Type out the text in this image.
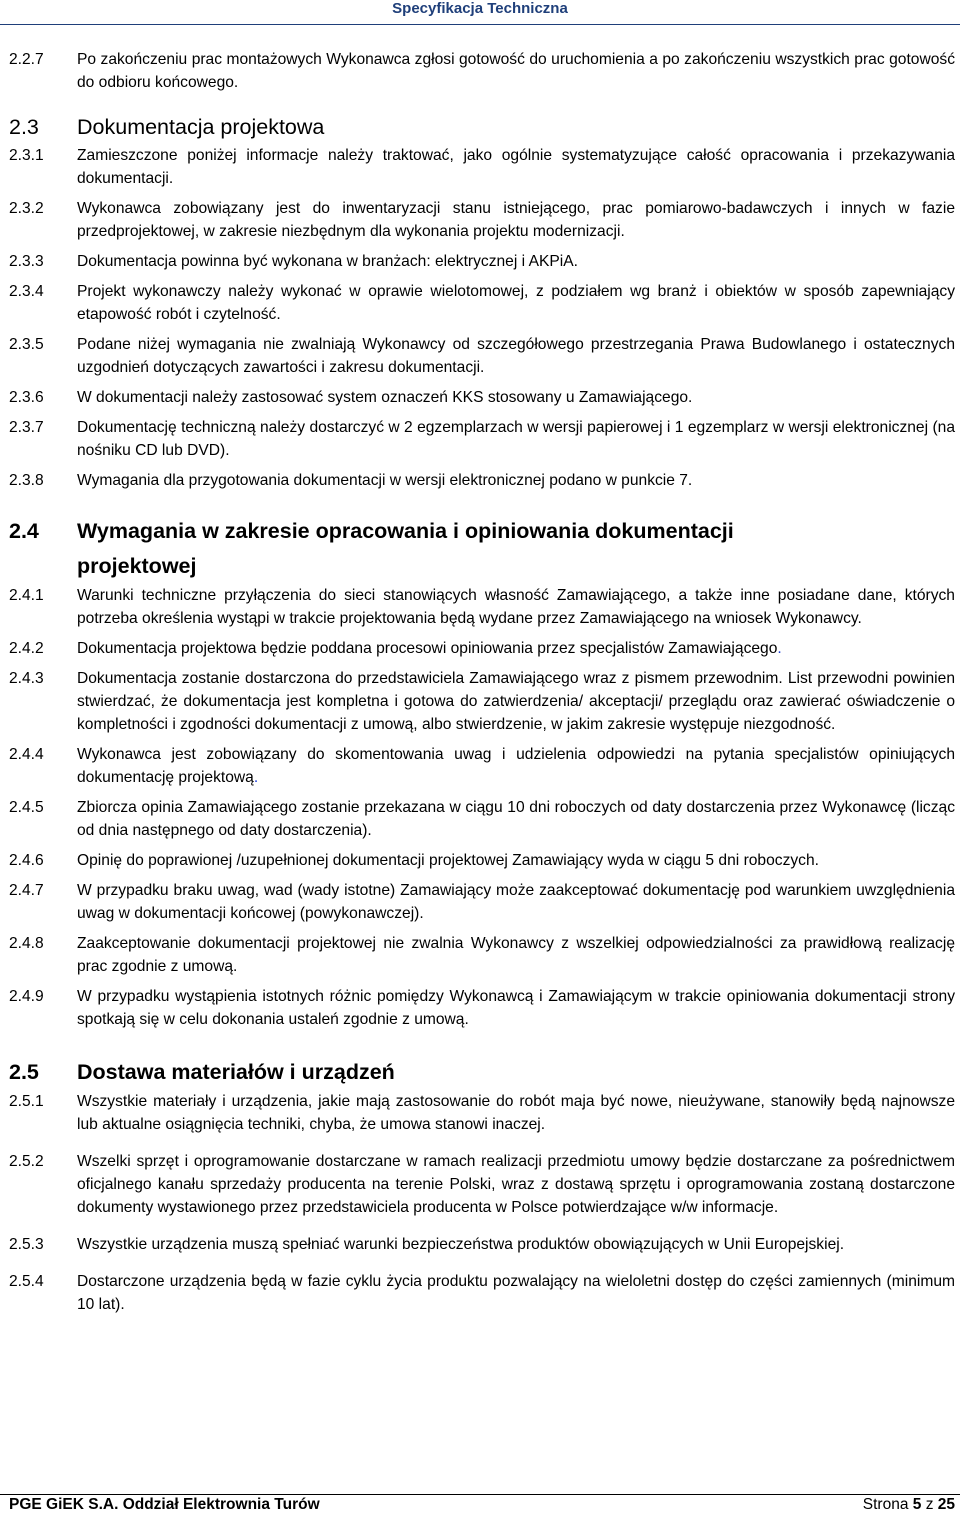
Specyfikacja Techniczna
2.2.7	Po zakończeniu prac montażowych Wykonawca zgłosi gotowość do uruchomienia a po zakończeniu wszystkich prac gotowość do odbioru końcowego.
2.3	Dokumentacja projektowa
2.3.1	Zamieszczone poniżej informacje należy traktować, jako ogólnie systematyzujące całość opracowania i przekazywania dokumentacji.
2.3.2	Wykonawca zobowiązany jest do inwentaryzacji stanu istniejącego, prac pomiarowo-badawczych i innych w fazie przedprojektowej, w zakresie niezbędnym dla wykonania projektu modernizacji.
2.3.3	Dokumentacja powinna być wykonana w branżach: elektrycznej i AKPiA.
2.3.4	Projekt wykonawczy należy wykonać w oprawie wielotomowej, z podziałem wg branż i obiektów w sposób zapewniający etapowość robót i czytelność.
2.3.5	Podane niżej wymagania nie zwalniają Wykonawcy od szczegółowego przestrzegania Prawa Budowlanego i ostatecznych uzgodnień dotyczących zawartości i zakresu dokumentacji.
2.3.6	W dokumentacji należy zastosować system oznaczeń KKS stosowany u Zamawiającego.
2.3.7	Dokumentację techniczną należy dostarczyć w 2 egzemplarzach w wersji papierowej i 1 egzemplarz w wersji elektronicznej (na nośniku CD lub DVD).
2.3.8	Wymagania dla przygotowania dokumentacji w wersji elektronicznej podano w punkcie 7.
2.4	Wymagania w zakresie opracowania i opiniowania dokumentacji projektowej
2.4.1	Warunki techniczne przyłączenia do sieci stanowiących własność Zamawiającego, a także inne posiadane dane, których potrzeba określenia wystąpi w trakcie projektowania będą wydane przez Zamawiającego na wniosek Wykonawcy.
2.4.2	Dokumentacja projektowa będzie poddana procesowi opiniowania przez specjalistów Zamawiającego.
2.4.3	Dokumentacja zostanie dostarczona do przedstawiciela Zamawiającego wraz z pismem przewodnim. List przewodni powinien stwierdzać, że dokumentacja jest kompletna i gotowa do zatwierdzenia/ akceptacji/ przeglądu oraz zawierać oświadczenie o kompletności i zgodności dokumentacji z umową, albo stwierdzenie, w jakim zakresie występuje niezgodność.
2.4.4	Wykonawca jest zobowiązany do skomentowania uwag i udzielenia odpowiedzi na pytania specjalistów opiniujących dokumentację projektową.
2.4.5	Zbiorcza opinia Zamawiającego zostanie przekazana w ciągu 10 dni roboczych od daty dostarczenia przez Wykonawcę (licząc od dnia następnego od daty dostarczenia).
2.4.6	Opinię do poprawionej /uzupełnionej dokumentacji projektowej Zamawiający wyda w ciągu 5 dni roboczych.
2.4.7	W przypadku braku uwag, wad (wady istotne) Zamawiający może zaakceptować dokumentację pod warunkiem uwzględnienia uwag w dokumentacji końcowej (powykonawczej).
2.4.8	Zaakceptowanie dokumentacji projektowej nie zwalnia Wykonawcy z wszelkiej odpowiedzialności za prawidłową realizację prac zgodnie z umową.
2.4.9	W przypadku wystąpienia istotnych różnic pomiędzy Wykonawcą i Zamawiającym w trakcie opiniowania dokumentacji strony spotkają się w celu dokonania ustaleń zgodnie z umową.
2.5	Dostawa materiałów i urządzeń
2.5.1	Wszystkie materiały i urządzenia, jakie mają zastosowanie do robót maja być nowe, nieużywane, stanowiły będą najnowsze lub aktualne osiągnięcia techniki, chyba, że umowa stanowi inaczej.
2.5.2	Wszelki sprzęt i oprogramowanie dostarczane w ramach realizacji przedmiotu umowy będzie dostarczane za pośrednictwem oficjalnego kanału sprzedaży producenta na terenie Polski, wraz z dostawą sprzętu i oprogramowania zostaną dostarczone dokumenty wystawionego przez przedstawiciela producenta w Polsce potwierdzające w/w informacje.
2.5.3	Wszystkie urządzenia muszą spełniać warunki bezpieczeństwa produktów obowiązujących w Unii Europejskiej.
2.5.4	Dostarczone urządzenia będą w fazie cyklu życia produktu pozwalający na wieloletni dostęp do części zamiennych (minimum 10 lat).
PGE GiEK S.A. Oddział Elektrownia Turów	Strona 5 z 25
